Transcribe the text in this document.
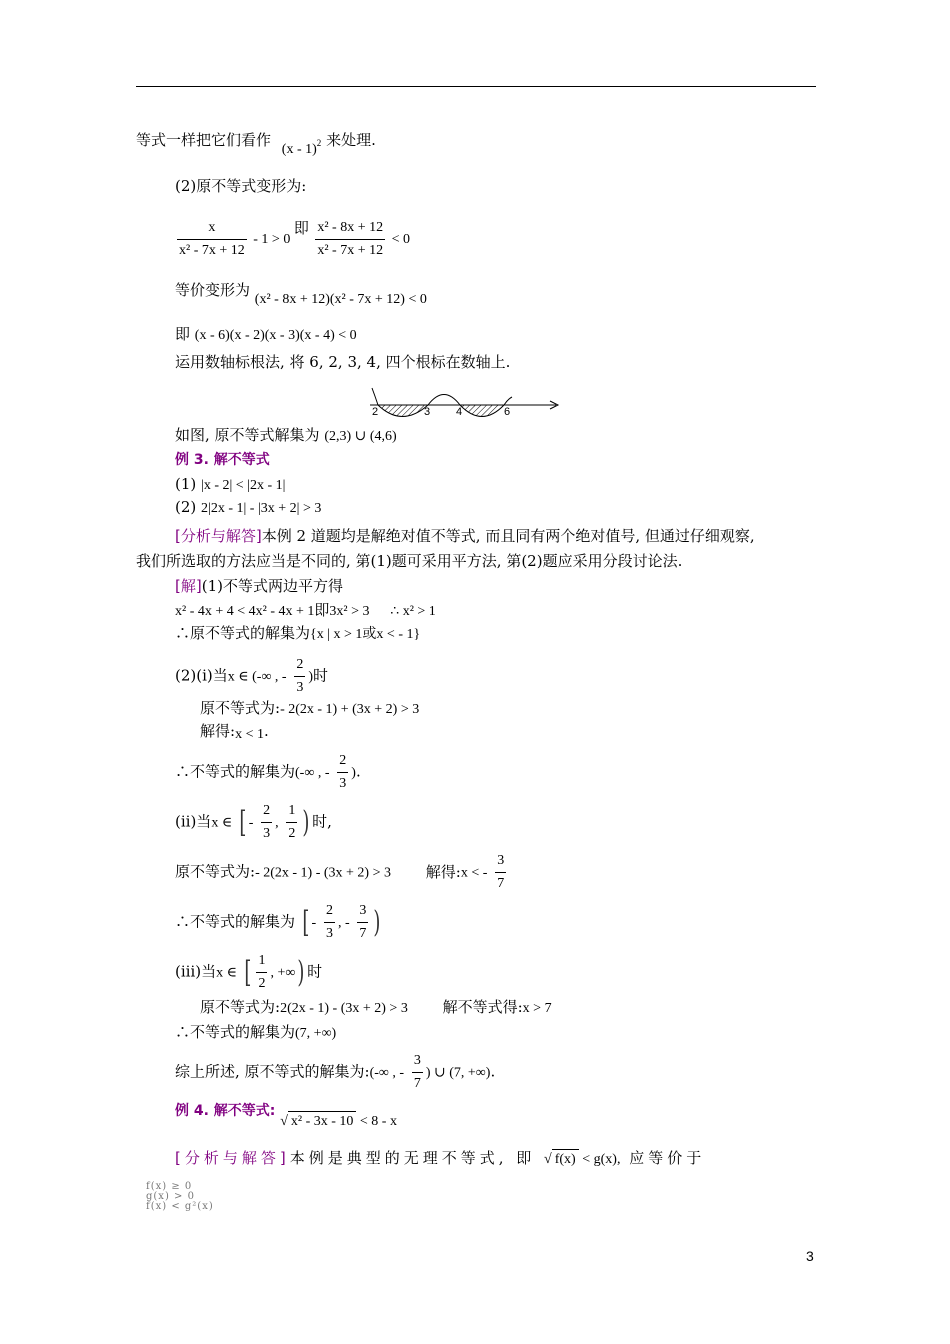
等式一样把它们看作 (x - 1)$^2$ 来处理.
(2)原不等式变形为:
$\frac{x}{\text{x² - 7x + 12}} - 1 > 0$ 即 $\frac{\text{x² - 8x + 12}}{\text{x² - 7x + 12}} < 0$
等价变形为 (x² - 8x + 12)(x² - 7x + 12) < 0
即 (x - 6)(x - 2)(x - 3)(x - 4) < 0
运用数轴标根法, 将 6, 2, 3, 4, 四个根标在数轴上.
2	3 4	6
如图, 原不等式解集为 (2,3) ∪ (4,6)
例 3. 解不等式
(1) |x - 2| < |2x - 1|
(2) 2|2x - 1| - |3x + 2| > 3
[分析与解答]本例 2 道题均是解绝对值不等式, 而且同有两个绝对值号, 但通过仔细观察,
我们所选取的方法应当是不同的, 第(1)题可采用平方法, 第(2)题应采用分段讨论法.
[解](1)不等式两边平方得
x² - 4x + 4 < 4x² - 4x + 1即3x² > 3 ∴ x² > 1
∴原不等式的解集为{x | x > 1或x < - 1}
(2)(ⅰ)当x ∈ (-∞ , - $\frac{2}{3}$ )时
原不等式为:- 2(2x - 1) + (3x + 2) > 3
解得:x < 1.
∴不等式的解集为(-∞ , - $\frac{2}{3}$ ).
(ⅱ)当x ∈ [ - $\frac{2}{3}$ , $\frac{1}{2}$ ) 时,
原不等式为:- 2(2x - 1) - (3x + 2) > 3 解得:x < - $\frac{3}{7}$
∴不等式的解集为 [ - $\frac{2}{3}$ , - $\frac{3}{7}$ )
(ⅲ)当x ∈ [ $\frac{1}{2}$ , +∞) 时
原不等式为:2(2x - 1) - (3x + 2) > 3 解不等式得:x > 7
∴不等式的解集为(7, +∞)
综上所述, 原不等式的解集为:(-∞ , - $\frac{3}{7}$ ) ∪ (7, +∞).
例 4. 解不等式: √ x² - 3x - 10 < 8 - x
[分析与解答]本例是典型的无理不等式, 即 √ f(x) < g(x), 应等价于
f(x) ≥ 0
g(x) > 0
f(x) < g²(x)
3
